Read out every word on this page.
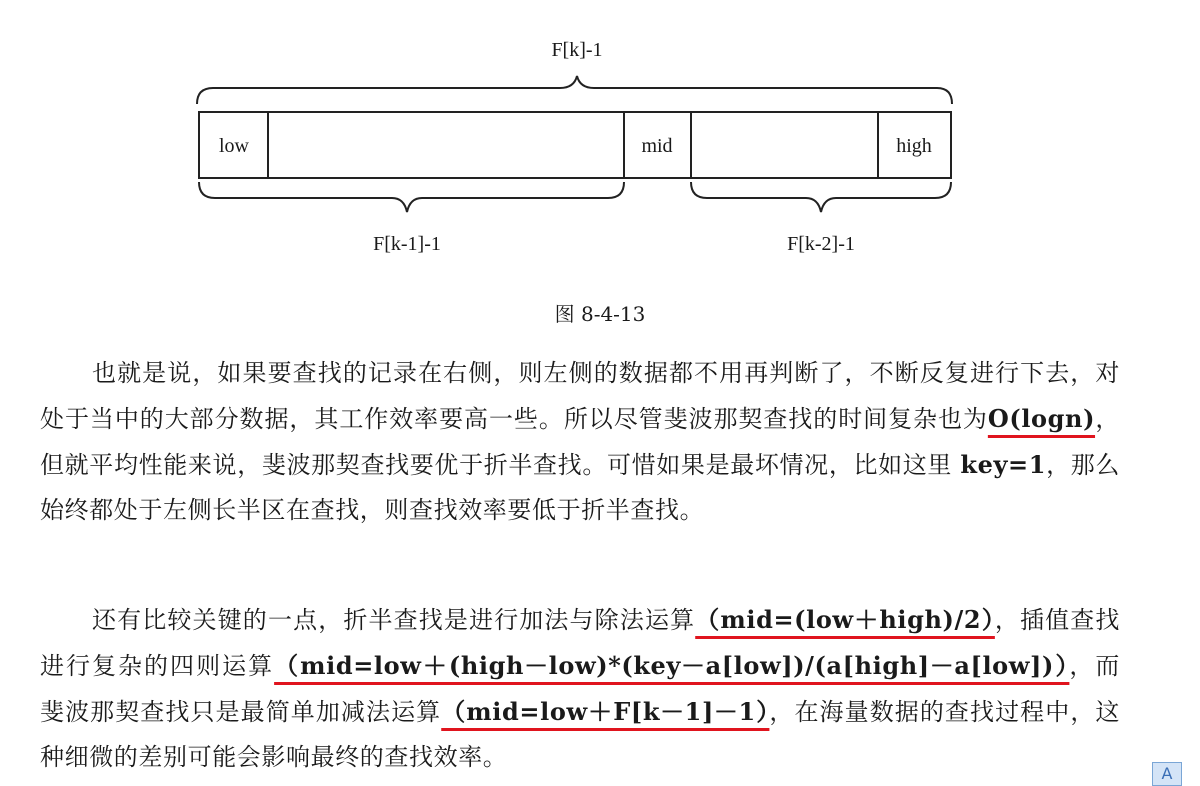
F[k]-1
low	mid	high
F[k-1]-1	F[k-2]-1
图 8-4-13

也就是说，如果要查找的记录在右侧，则左侧的数据都不用再判断了，不断反复进行下去，对处于当中的大部分数据，其工作效率要高一些。所以尽管斐波那契查找的时间复杂也为O(logn)，但就平均性能来说，斐波那契查找要优于折半查找。可惜如果是最坏情况，比如这里 key=1，那么始终都处于左侧长半区在查找，则查找效率要低于折半查找。

还有比较关键的一点，折半查找是进行加法与除法运算（mid=(low＋high)/2），插值查找进行复杂的四则运算（mid=low＋(high－low)*(key－a[low])/(a[high]－a[low])），而斐波那契查找只是最简单加减法运算（mid=low＋F[k－1]－1），在海量数据的查找过程中，这种细微的差别可能会影响最终的查找效率。

A
